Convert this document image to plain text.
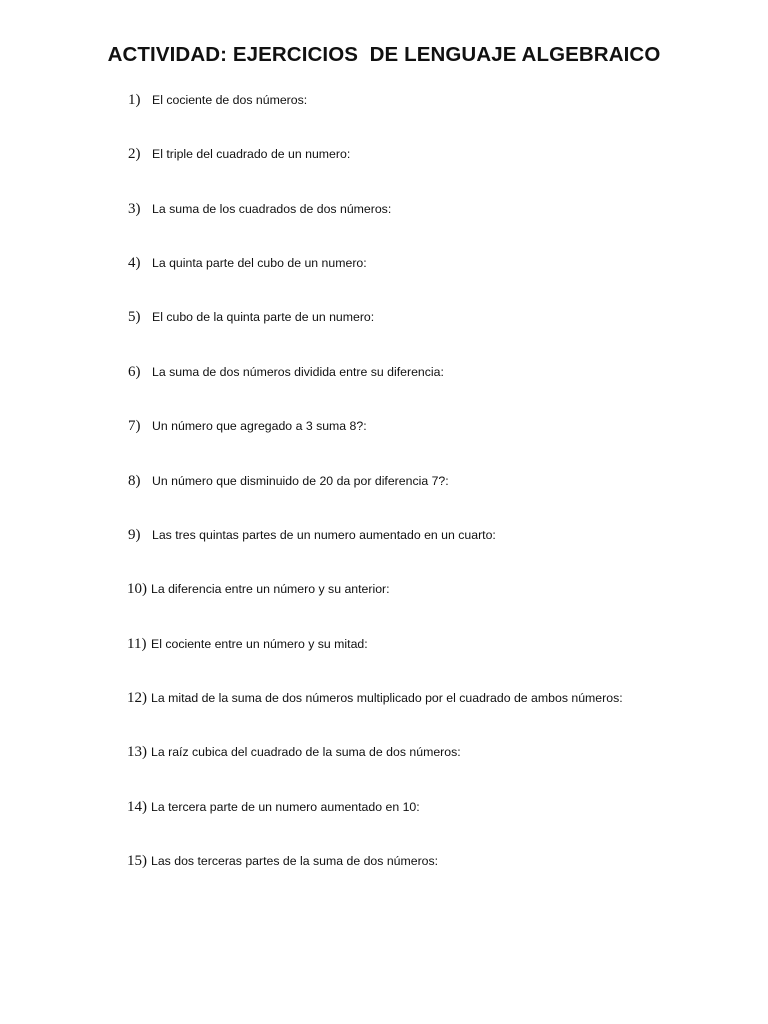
ACTIVIDAD: EJERCICIOS  DE LENGUAJE ALGEBRAICO
1) El cociente de dos números:
2) El triple del cuadrado de un numero:
3) La suma de los cuadrados de dos números:
4) La quinta parte del cubo de un numero:
5) El cubo de la quinta parte de un numero:
6) La suma de dos números dividida entre su diferencia:
7) Un número que agregado a 3 suma 8?:
8) Un número que disminuido de 20 da por diferencia 7?:
9) Las tres quintas partes de un numero aumentado en un cuarto:
10) La diferencia entre un número y su anterior:
11) El cociente entre un número y su mitad:
12) La mitad de la suma de dos números multiplicado por el cuadrado de ambos números:
13) La raíz cubica del cuadrado de la suma de dos números:
14) La tercera parte de un numero aumentado en 10:
15) Las dos terceras partes de la suma de dos números:
